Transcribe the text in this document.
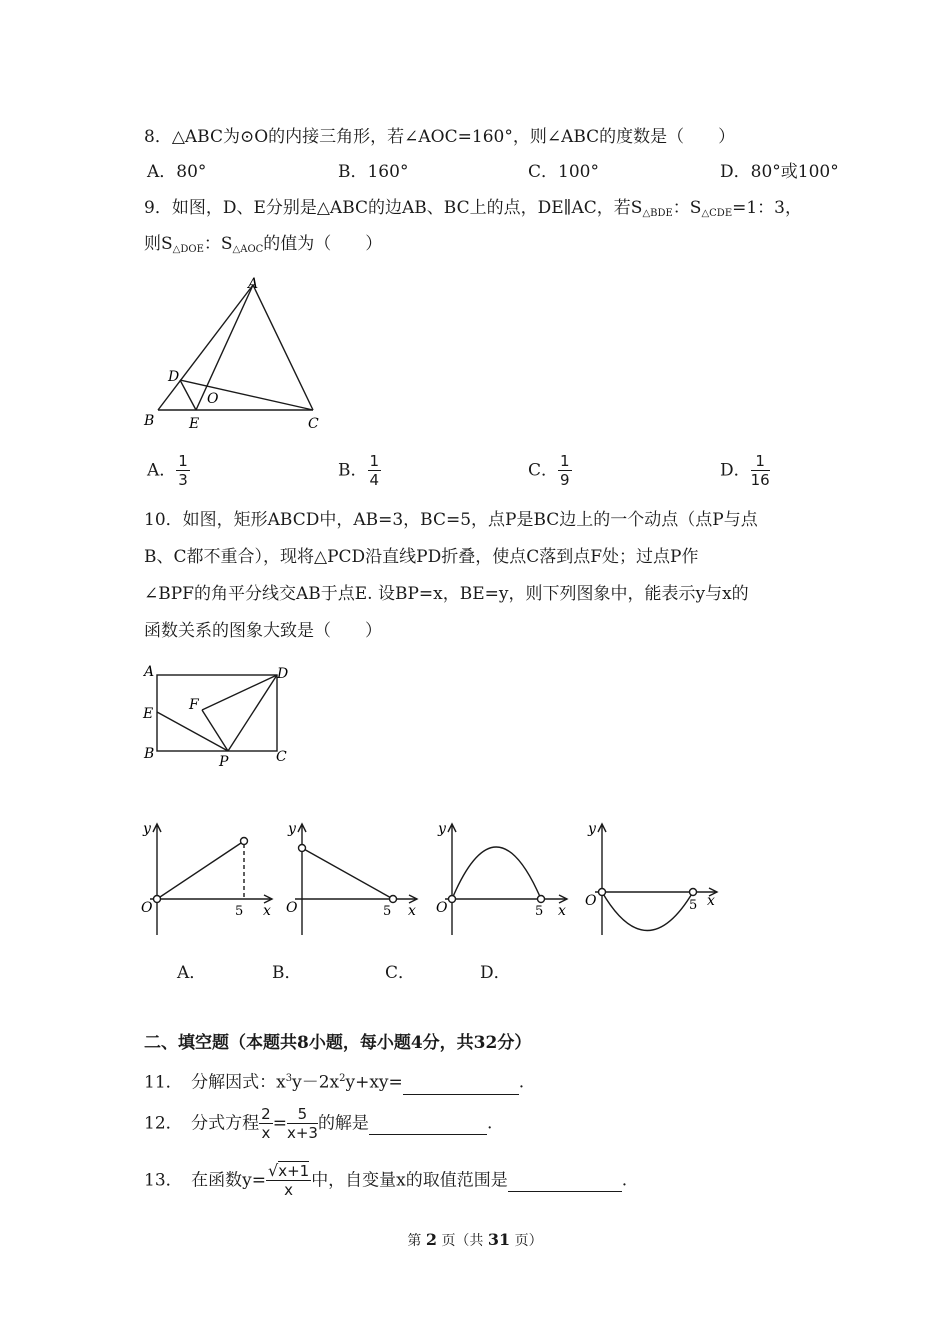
8．△ABC为⊙O的内接三角形，若∠AOC=160°，则∠ABC的度数是（　　）
A．80°	B．160°	C．100°	D．80°或100°
9．如图，D、E分别是△ABC的边AB、BC上的点，DE∥AC，若$S_{\triangle BDE}$：$S_{\triangle CDE}=1$：3，
则$S_{\triangle DOE}$：$S_{\triangle AOC}$的值为（　　）
A
B	C
D
E
O
A． $\frac{1}{3}$	B． $\frac{1}{4}$	C． $\frac{1}{9}$	D． $\frac{1}{16}$
10．如图，矩形ABCD中，AB=3，BC=5，点P是BC边上的一个动点（点P与点
B、C都不重合），现将△PCD沿直线PD折叠，使点C落到点F处；过点P作
∠BPF的角平分线交AB于点E. 设BP=x，BE=y，则下列图象中，能表示y与x的
函数关系的图象大致是（　　）
A
B	C
D
E
F
P
y
O	5 x
y
O	5 x
y
O	5 x
y
O	5 x
A．	B．	C．	D．
二、填空题（本题共8小题，每小题4分，共32分）
11．　分解因式：$x^3y-2x^2y+xy=$	.
12．　分式方程 $\frac{2}{x} = \frac{5}{x+3}$ 的解是	.
13．　在函数$y= \frac{√x+1}{x}$ 中，自变量x的取值范围是	.
第 2 页（共 31 页）
